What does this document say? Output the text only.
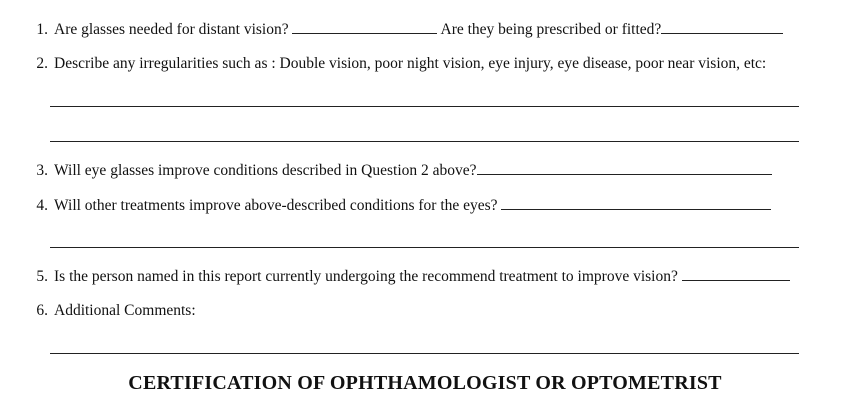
1. Are glasses needed for distant vision?	Are they being prescribed or fitted?
2. Describe any irregularities such as : Double vision, poor night vision, eye injury, eye disease, poor near vision, etc:
3. Will eye glasses improve conditions described in Question 2 above?
4. Will other treatments improve above-described conditions for the eyes?
5. Is the person named in this report currently undergoing the recommend treatment to improve vision?
6. Additional Comments:
CERTIFICATION OF OPHTHAMOLOGIST OR OPTOMETRIST
